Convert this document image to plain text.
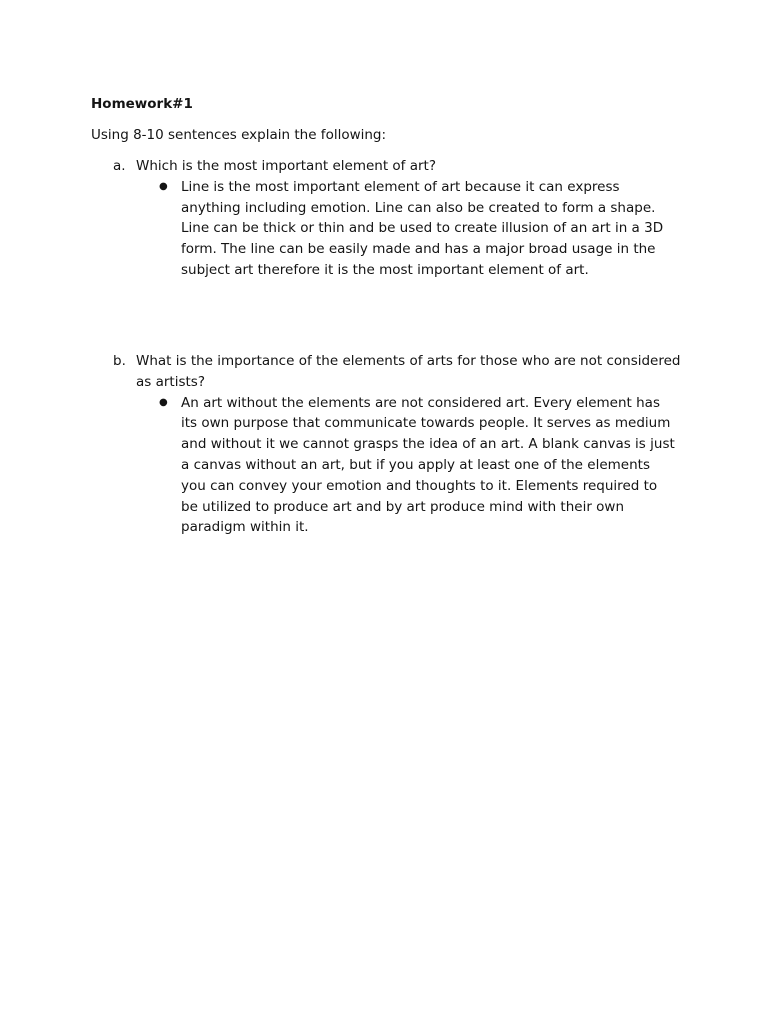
Homework#1
Using 8-10 sentences explain the following:
a. Which is the most important element of art?
● Line is the most important element of art because it can express anything including emotion. Line can also be created to form a shape. Line can be thick or thin and be used to create illusion of an art in a 3D form. The line can be easily made and has a major broad usage in the subject art therefore it is the most important element of art.
b. What is the importance of the elements of arts for those who are not considered as artists?
● An art without the elements are not considered art. Every element has its own purpose that communicate towards people. It serves as medium and without it we cannot grasps the idea of an art. A blank canvas is just a canvas without an art, but if you apply at least one of the elements you can convey your emotion and thoughts to it. Elements required to be utilized to produce art and by art produce mind with their own paradigm within it.
